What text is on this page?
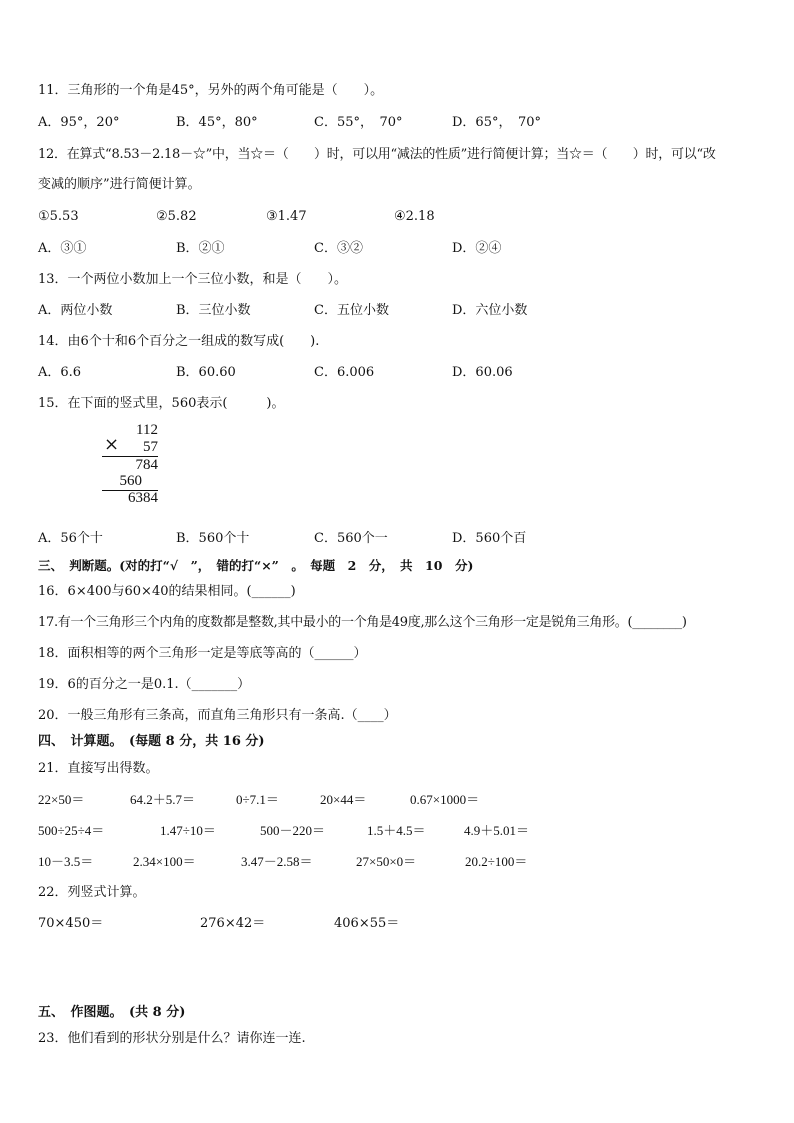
11．三角形的一个角是45°，另外的两个角可能是（　　）。
A．95°，20°	B．45°，80°	C．55°，　70°	D．65°，　70°
12．在算式“8.53－2.18－☆”中，当☆＝（　　）时，可以用“减法的性质”进行简便计算；当☆＝（　　）时，可以“改
变减的顺序”进行简便计算。
①5.53	②5.82	③1.47	④2.18
A．③①	B．②①	C．③②	D．②④
13．一个两位小数加上一个三位小数，和是（　　）。
A．两位小数	B．三位小数	C．五位小数	D．六位小数
14．由6个十和6个百分之一组成的数写成(　　).
A．6.6	B．60.60	C．6.006	D．60.06
15．在下面的竖式里，560表示(　　　)。
112
× 57
784
560
6384
A．56个十	B．560个十	C．560个一	D．560个百
三、　判断题。(对的打“√　”，　错的打“×”　。　每题　2　分，　共　10　分)
16．6×400与60×40的结果相同。(______)
17.有一个三角形三个内角的度数都是整数,其中最小的一个角是49度,那么这个三角形一定是锐角三角形。(________)
18．面积相等的两个三角形一定是等底等高的（______）
19．6的百分之一是0.1.（_______）
20．一般三角形有三条高，而直角三角形只有一条高.（____）
四、　计算题。　(每题 8 分，共 16 分)
21．直接写出得数。
22×50＝	64.2＋5.7＝	0÷7.1＝	20×44＝	0.67×1000＝
500÷25÷4＝	1.47÷10＝	500－220＝	1.5＋4.5＝	4.9＋5.01＝
10－3.5＝	2.34×100＝	3.47－2.58＝	27×50×0＝	20.2÷100＝
22．列竖式计算。
70×450＝	276×42＝	406×55＝
五、　作图题。　(共 8 分)
23．他们看到的形状分别是什么？请你连一连.
